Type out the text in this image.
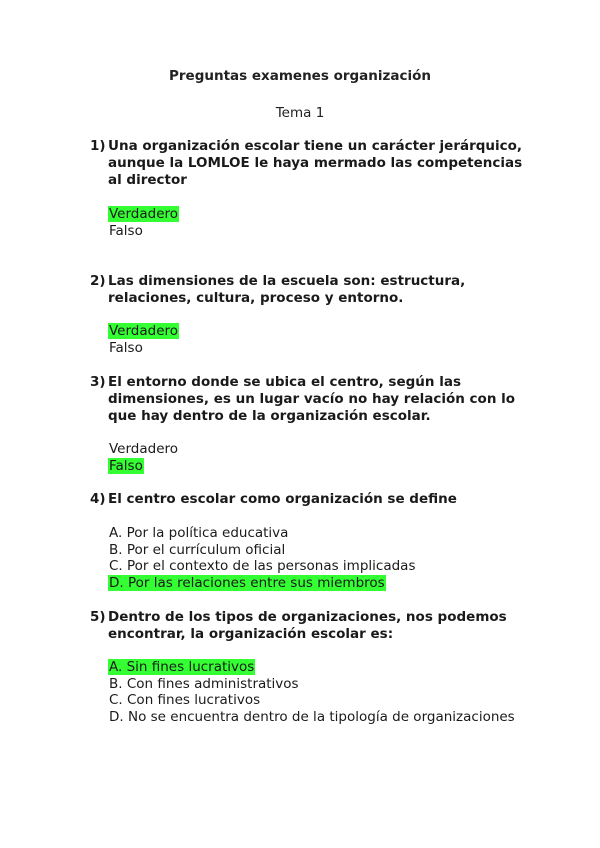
Preguntas examenes organización
Tema 1
1) Una organización escolar tiene un carácter jerárquico, aunque la LOMLOE le haya mermado las competencias al director
Verdadero
Falso
2) Las dimensiones de la escuela son: estructura, relaciones, cultura, proceso y entorno.
Verdadero
Falso
3) El entorno donde se ubica el centro, según las dimensiones, es un lugar vacío no hay relación con lo que hay dentro de la organización escolar.
Verdadero
Falso
4) El centro escolar como organización se define
A. Por la política educativa
B. Por el currículum oficial
C. Por el contexto de las personas implicadas
D. Por las relaciones entre sus miembros
5) Dentro de los tipos de organizaciones, nos podemos encontrar, la organización escolar es:
A. Sin fines lucrativos
B. Con fines administrativos
C. Con fines lucrativos
D. No se encuentra dentro de la tipología de organizaciones
